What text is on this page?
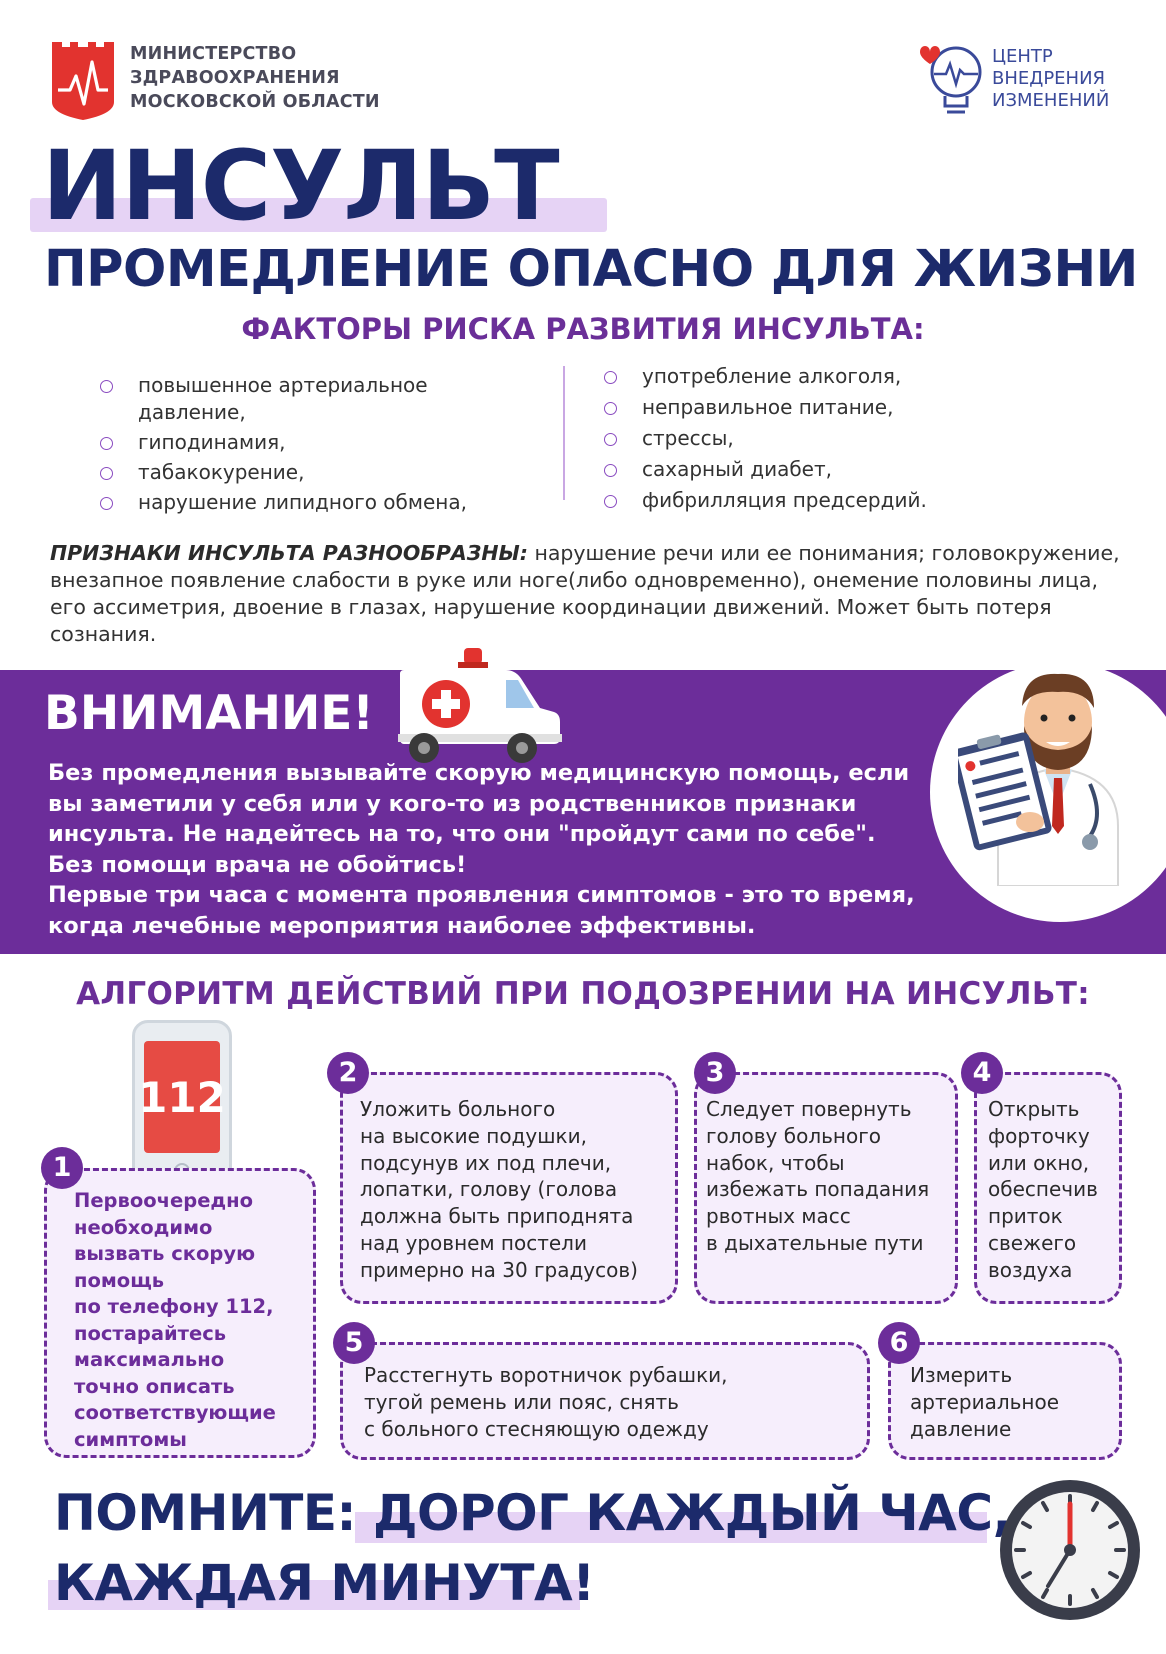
МИНИСТЕРСТВО
ЗДРАВООХРАНЕНИЯ
МОСКОВСКОЙ ОБЛАСТИ
ЦЕНТР
ВНЕДРЕНИЯ
ИЗМЕНЕНИЙ
ИНСУЛЬТ
ПРОМЕДЛЕНИЕ ОПАСНО ДЛЯ ЖИЗНИ
ФАКТОРЫ РИСКА РАЗВИТИЯ ИНСУЛЬТА:
повышенное артериальное давление,
гиподинамия,
табакокурение,
нарушение липидного обмена,
употребление алкоголя,
неправильное питание,
стрессы,
сахарный диабет,
фибрилляция предсердий.
ПРИЗНАКИ ИНСУЛЬТА РАЗНООБРАЗНЫ: нарушение речи или ее понимания; головокружение, внезапное появление слабости в руке или ноге(либо одновременно), онемение половины лица, его ассиметрия, двоение в глазах, нарушение координации движений. Может быть потеря сознания.
ВНИМАНИЕ!
Без промедления вызывайте скорую медицинскую помощь, если
вы заметили у себя или у кого-то из родственников признаки
инсульта. Не надейтесь на то, что они "пройдут сами по себе".
Без помощи врача не обойтись!
Первые три часа с момента проявления симптомов - это то время,
когда лечебные мероприятия наиболее эффективны.
АЛГОРИТМ ДЕЙСТВИЙ ПРИ ПОДОЗРЕНИИ НА ИНСУЛЬТ:
112
1
Первоочередно
необходимо
вызвать скорую
помощь
по телефону 112,
постарайтесь
максимально
точно описать
соответствующие
симптомы
2
Уложить больного
на высокие подушки,
подсунув их под плечи,
лопатки, голову (голова
должна быть приподнята
над уровнем постели
примерно на 30 градусов)
3
Следует повернуть
голову больного
набок, чтобы
избежать попадания
рвотных масс
в дыхательные пути
4
Открыть
форточку
или окно,
обеспечив
приток
свежего
воздуха
5
Расстегнуть воротничок рубашки,
тугой ремень или пояс, снять
с больного стесняющую одежду
6
Измерить
артериальное
давление
ПОМНИТЕ: ДОРОГ КАЖДЫЙ ЧАС,
КАЖДАЯ МИНУТА!
